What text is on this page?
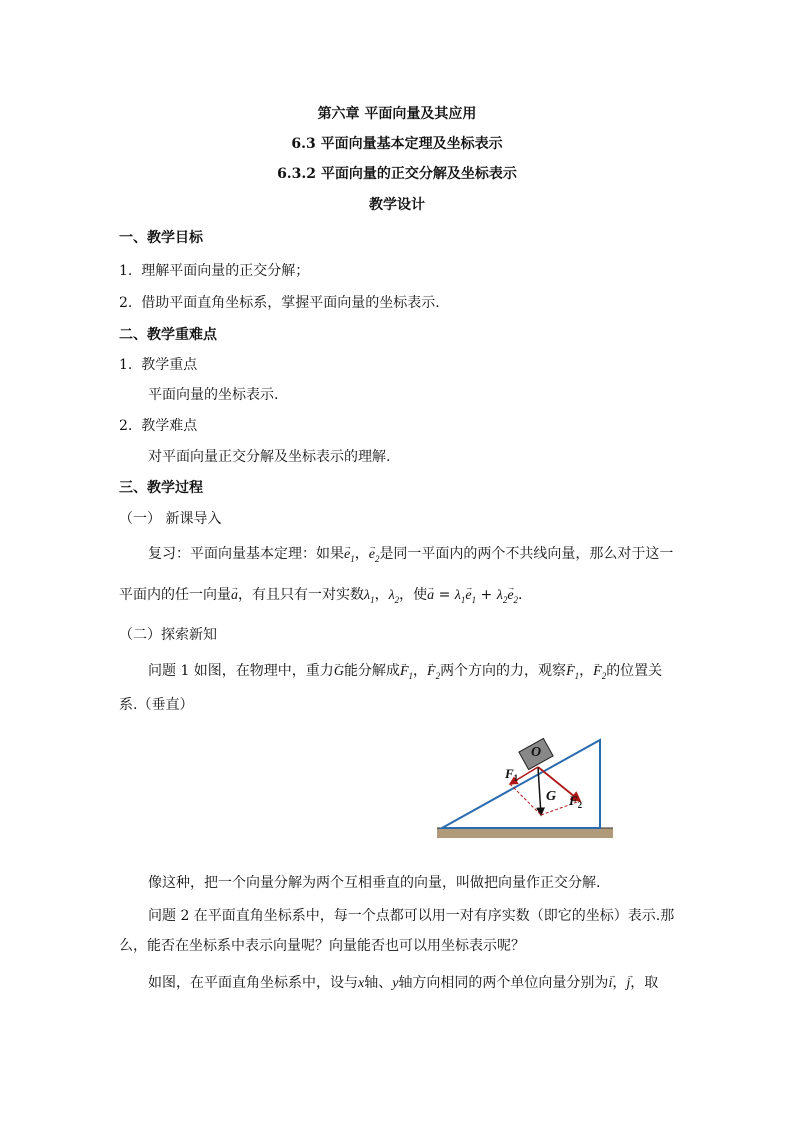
第六章 平面向量及其应用
6.3 平面向量基本定理及坐标表示
6.3.2 平面向量的正交分解及坐标表示
教学设计
一、教学目标
1. 理解平面向量的正交分解；
2. 借助平面直角坐标系，掌握平面向量的坐标表示.
二、教学重难点
1. 教学重点
平面向量的坐标表示.
2. 教学难点
对平面向量正交分解及坐标表示的理解.
三、教学过程
（一） 新课导入
复习：平面向量基本定理：如果→ $e_1$，→ $e_2$是同一平面内的两个不共线向量，那么对于这一
平面内的任一向量→ a，有且只有一对实数$\lambda_1$，$\lambda_2$，使→ $a = \lambda_1\to e_1 + \lambda_2\to e_2$.
（二）探索新知
问题 1 如图，在物理中，重力→ G能分解成→ $F_1$，→ $F_2$两个方向的力，观察→ $F_1$，→ $F_2$的位置关
系.（垂直）
O
$F_1$
G $F_2$
像这种，把一个向量分解为两个互相垂直的向量，叫做把向量作正交分解.
问题 2 在平面直角坐标系中，每一个点都可以用一对有序实数（即它的坐标）表示.那
么，能否在坐标系中表示向量呢？向量能否也可以用坐标表示呢？
如图，在平面直角坐标系中，设与x轴、y轴方向相同的两个单位向量分别为→ i，→ j，取
